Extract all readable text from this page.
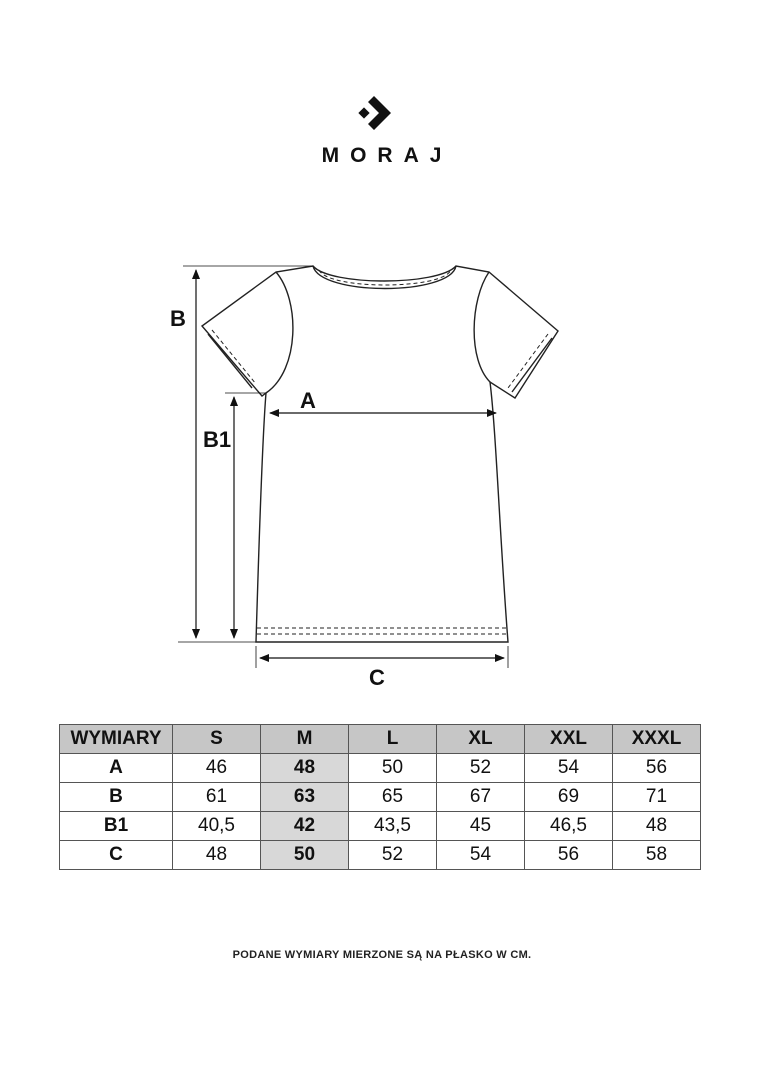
MORAJ
B
B1
A
C
WYMIARY	S	M	L	XL	XXL	XXXL
A	46	48	50	52	54	56
B	61	63	65	67	69	71
B1	40,5	42	43,5	45	46,5	48
C	48	50	52	54	56	58
PODANE WYMIARY MIERZONE SĄ NA PŁASKO W CM.
